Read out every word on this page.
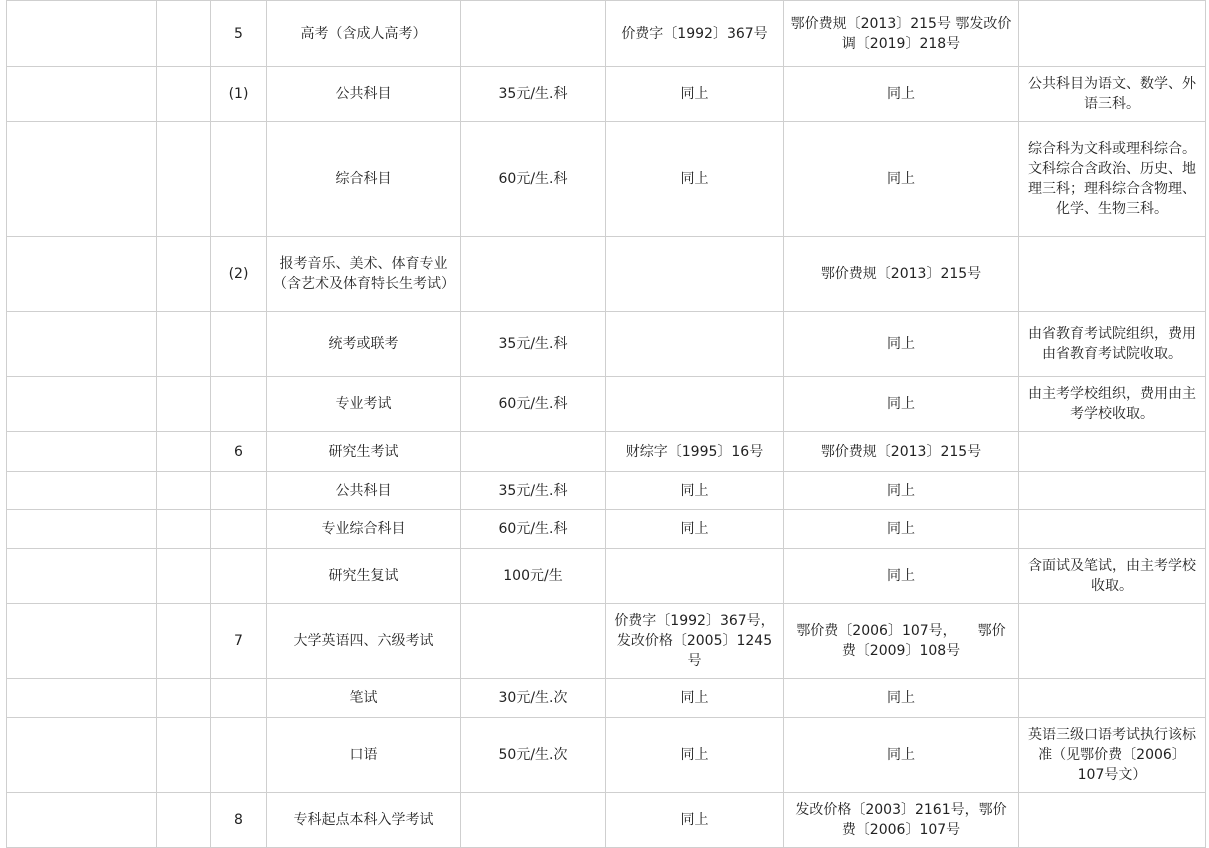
		5	高考（含成人高考）		价费字〔1992〕367号	鄂价费规〔2013〕215号 鄂发改价调〔2019〕218号	
		(1)	公共科目	35元/生.科	同上	同上	公共科目为语文、数学、外语三科。
			综合科目	60元/生.科	同上	同上	综合科为文科或理科综合。文科综合含政治、历史、地理三科；理科综合含物理、化学、生物三科。
		(2)	报考音乐、美术、体育专业（含艺术及体育特长生考试）			鄂价费规〔2013〕215号	
			统考或联考	35元/生.科		同上	由省教育考试院组织，费用由省教育考试院收取。
			专业考试	60元/生.科		同上	由主考学校组织，费用由主考学校收取。
		6	研究生考试		财综字〔1995〕16号	鄂价费规〔2013〕215号	
			公共科目	35元/生.科	同上	同上	
			专业综合科目	60元/生.科	同上	同上	
			研究生复试	100元/生		同上	含面试及笔试，由主考学校收取。
		7	大学英语四、六级考试		价费字〔1992〕367号，发改价格〔2005〕1245号	鄂价费〔2006〕107号，　　鄂价费〔2009〕108号	
			笔试	30元/生.次	同上	同上	
			口语	50元/生.次	同上	同上	英语三级口语考试执行该标准（见鄂价费〔2006〕107号文）
		8	专科起点本科入学考试		同上	发改价格〔2003〕2161号，鄂价费〔2006〕107号	
